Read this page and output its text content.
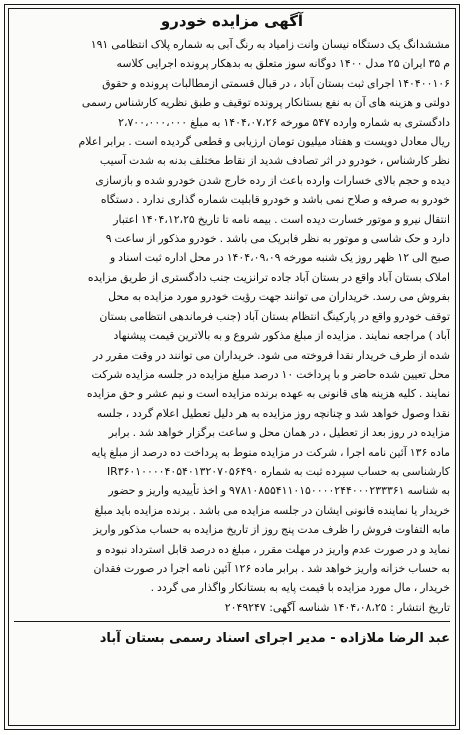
آگهی مزایده خودرو
مششدانگ یک دستگاه نیسان وانت زامیاد به رنگ آبی به شماره پلاک انتظامی ۱۹۱
م ۳۵ ایران ۲۵ مدل ۱۴۰۰ دوگانه سوز متعلق به بدهکار پرونده اجرایی کلاسه
۱۴۰۴۰۰۱۰۶ اجرای ثبت بستان آباد ، در قبال قسمتی ازمطالبات پرونده و حقوق
دولتی و هزینه های آن به نفع بستانکار پرونده توقیف و طبق نظریه کارشناس رسمی
دادگستری به شماره وارده ۵۴۷ مورخه ۱۴۰۴،۰۷،۲۶ به مبلغ ۲،۷۰۰،۰۰۰،۰۰۰
ریال معادل دویست و هفتاد میلیون تومان ارزیابی و قطعی گردیده است . برابر اعلام
نظر کارشناس ، خودرو در اثر تصادف شدید از نقاط مختلف بدنه به شدت آسیب
دیده و حجم بالای خسارات وارده باعث از رده خارج شدن خودرو شده و بازسازی
خودرو به صرفه و صلاح نمی باشد و خودرو قابلیت شماره گذاری ندارد . دستگاه
انتقال نیرو و موتور خسارت دیده است . بیمه نامه تا تاریخ ۱۴۰۴،۱۲،۲۵ اعتبار
دارد و حک شاسی و موتور به نظر فابریک می باشد . خودرو مذکور از ساعت ۹
صبح الی ۱۲ ظهر روز یک شنبه مورخه ۱۴۰۴،۰۹،۰۹ در محل اداره ثبت اسناد و
املاک بستان آباد واقع در بستان آباد جاده ترانزیت جنب دادگستری از طریق مزایده
بفروش می رسد. خریداران می توانند جهت رؤیت خودرو مورد مزایده به محل
توقف خودرو واقع در پارکینگ انتظام بستان آباد (جنب فرماندهی انتظامی بستان
آباد ) مراجعه نمایند . مزایده از مبلغ مذکور شروع و به بالاترین قیمت پیشنهاد
شده از طرف خریدار نقدا فروخته می شود. خریداران می توانند در وقت مقرر در
محل تعیین شده حاضر و با پرداخت ۱۰ درصد مبلغ مزایده در جلسه مزایده شرکت
نمایند . کلیه هزینه های قانونی به عهده برنده مزایده است و نیم عشر و حق مزایده
نقدا وصول خواهد شد و چنانچه روز مزایده به هر دلیل تعطیل اعلام گردد ، جلسه
مزایده در روز بعد از تعطیل ، در همان محل و ساعت برگزار خواهد شد . برابر
ماده ۱۳۶ آئین نامه اجرا ، شرکت در مزایده منوط به پرداخت ده درصد از مبلغ پایه
کارشناسی به حساب سپرده ثبت به شماره IR۳۶۰۱۰۰۰۰۴۰۵۴۰۱۳۲۰۷۰۵۶۴۹۰
به شناسه ۹۷۸۱۰۸۵۵۴۱۱۰۱۵۰۰۰۰۲۴۴۰۰۰۲۳۳۳۶۱ و اخذ تأییدیه واریز و حضور
خریدار یا نماینده قانونی ایشان در جلسه مزایده می باشد . برنده مزایده باید مبلغ
مابه التفاوت فروش را ظرف مدت پنج روز از تاریخ مزایده به حساب مذکور واریز
نماید و در صورت عدم واریز در مهلت مقرر ، مبلغ ده درصد قابل استرداد نبوده و
به حساب خزانه واریز خواهد شد . برابر ماده ۱۲۶ آئین نامه اجرا در صورت فقدان
خریدار ، مال مورد مزایده با قیمت پایه به بستانکار واگذار می گردد .
تاریخ انتشار : ۱۴۰۴،۰۸،۲۵ شناسه آگهی: ۲۰۴۹۲۴۷
عبد الرضا ملازاده - مدیر اجرای اسناد رسمی بستان آباد
